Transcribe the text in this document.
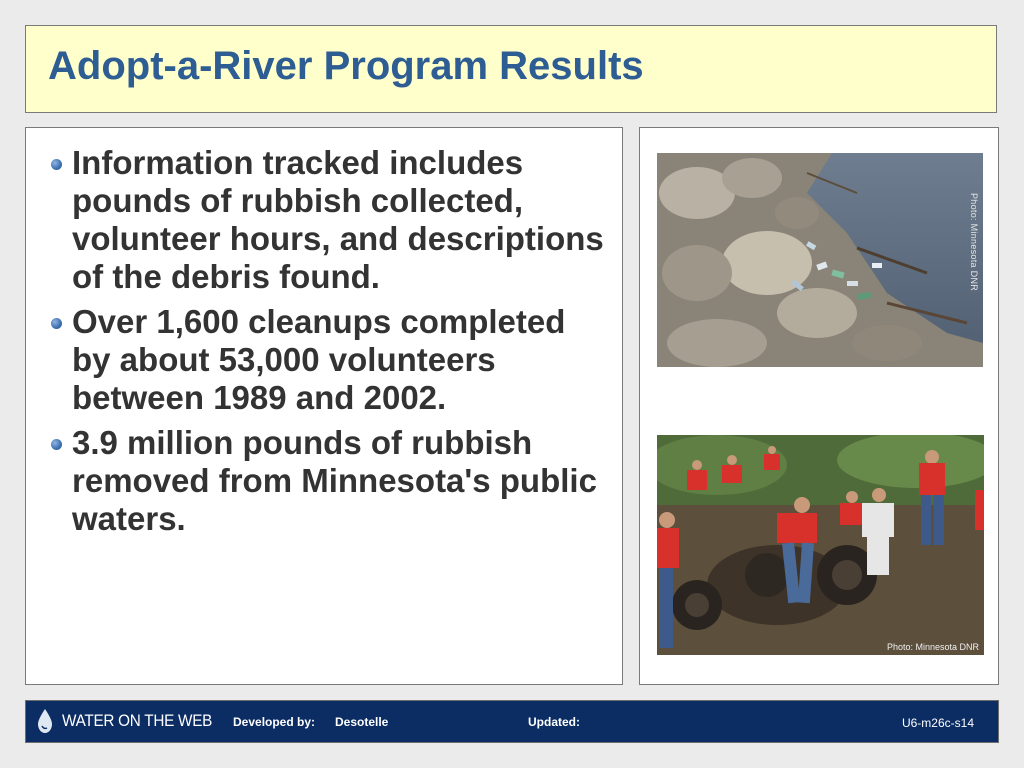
Adopt-a-River Program Results
Information tracked includes pounds of rubbish collected, volunteer hours, and descriptions of the debris found.
Over 1,600 cleanups completed by about 53,000 volunteers between 1989 and 2002.
3.9 million pounds of rubbish removed from Minnesota's public waters.
Photo: Minnesota DNR
Photo: Minnesota DNR
WATER ON THE WEB Developed by: Desotelle	Updated:	U6-m26c-s14
